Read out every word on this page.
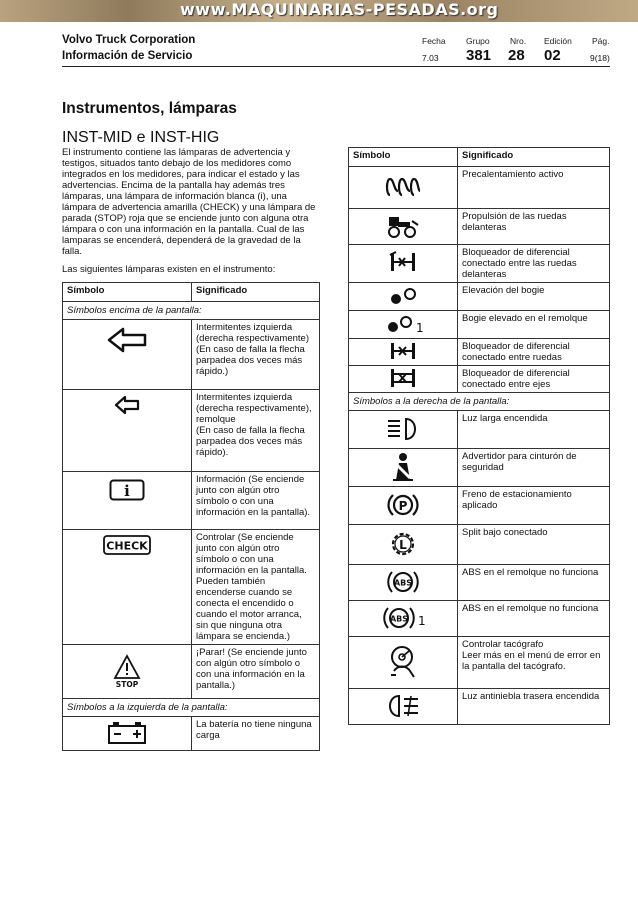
www.MAQUINARIAS-PESADAS.org
Volvo Truck Corporation
Información de Servicio
Fecha Grupo Nro. Edición Pág.
7.03 381 28 02	9(18)
Instrumentos, lámparas
INST-MID e INST-HIG
El instrumento contiene las lámparas de advertencia y testigos, situados tanto debajo de los medidores como integrados en los medidores, para indicar el estado y las advertencias. Encima de la pantalla hay además tres lámparas, una lámpara de información blanca (i), una lámpara de advertencia amarilla (CHECK) y una lámpara de parada (STOP) roja que se enciende junto con alguna otra lámpara o con una información en la pantalla. Cual de las lamparas se encenderá, dependerá de la gravedad de la falla.
Las siguientes lámparas existen en el instrumento:
Símbolo	Significado
Símbolos encima de la pantalla:	

	Intermitentes izquierda (derecha respectivamente)
(En caso de falla la flecha parpadea dos veces más rápido.)

	Intermitentes izquierda (derecha respectivamente), remolque
(En caso de falla la flecha parpadea dos veces más rápido).

i	Información (Se enciende junto con algún otro símbolo o con una información en la pantalla).

CHECK	Controlar (Se enciende junto con algún otro símbolo o con una información en la pantalla. Pueden también encenderse cuando se conecta el encendido o cuando el motor arranca, sin que ninguna otra lámpara se encienda.)

STOP	¡Parar! (Se enciende junto con algún otro símbolo o con una información en la pantalla.)
Símbolos a la izquierda de la pantalla:	

	La batería no tiene ninguna carga
Símbolo	Significado

	Precalentamiento activo

	Propulsión de las ruedas delanteras

	Bloqueador de diferencial conectado entre las ruedas delanteras

	Elevación del bogie

1	Bogie elevado en el remolque

	Bloqueador de diferencial conectado entre ruedas

	Bloqueador de diferencial conectado entre ejes
Símbolos a la derecha de la pantalla:	

	Luz larga encendida

	Advertidor para cinturón de seguridad

P	Freno de estacionamiento aplicado

L	Split bajo conectado

ABS	ABS en el remolque no funciona

ABS 1	ABS en el remolque no funciona

	Controlar tacógrafo
Leer más en el menú de error en la pantalla del tacógrafo.

	Luz antiniebla trasera encendida
